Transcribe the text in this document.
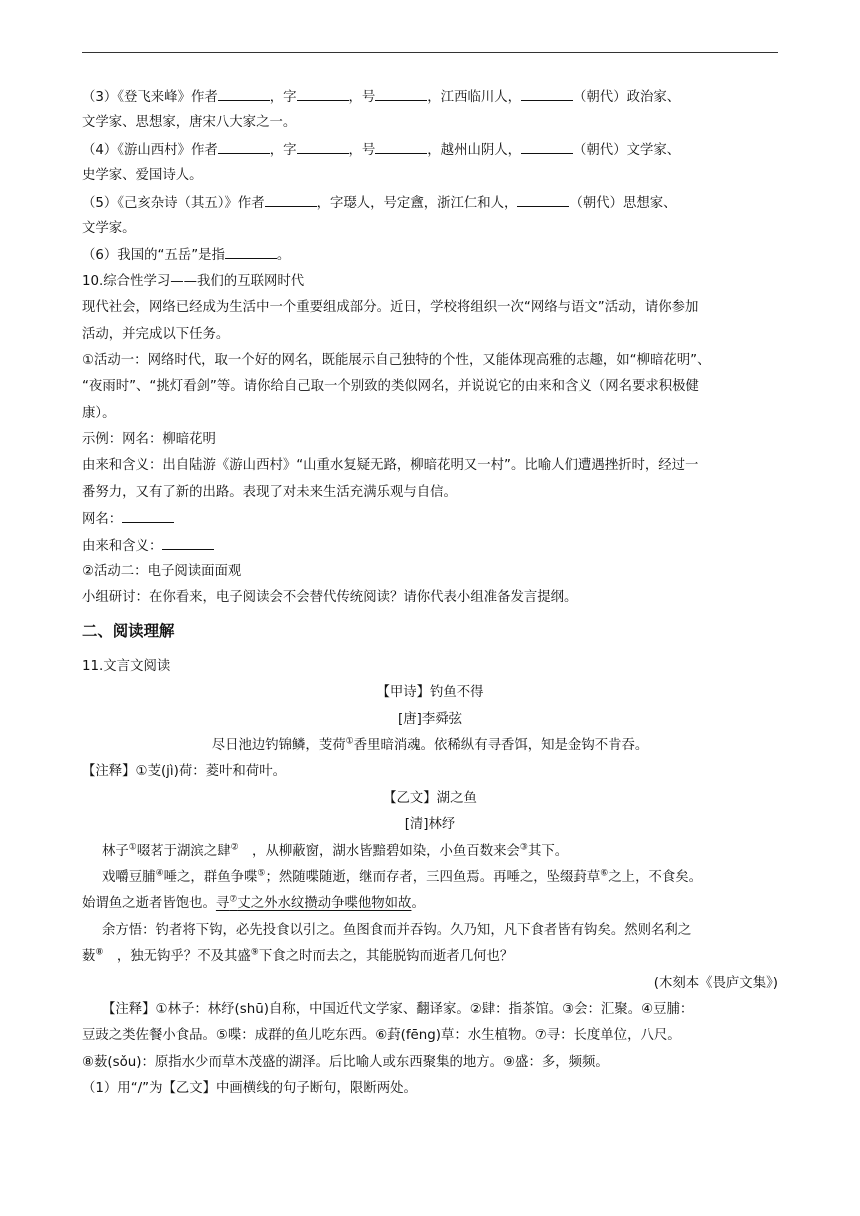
（3）《登飞来峰》作者	，字	，号	，江西临川人，	（朝代）政治家、
文学家、思想家，唐宋八大家之一。
（4）《游山西村》作者	，字	，号	，越州山阴人，	（朝代）文学家、
史学家、爱国诗人。
（5）《己亥杂诗（其五）》作者	，字璱人，号定盦，浙江仁和人，	（朝代）思想家、
文学家。
（6）我国的“五岳”是指	。
10.综合性学习——我们的互联网时代
现代社会，网络已经成为生活中一个重要组成部分。近日，学校将组织一次“网络与语文”活动，请你参加
活动，并完成以下任务。
①活动一：网络时代，取一个好的网名，既能展示自己独特的个性，又能体现高雅的志趣，如“柳暗花明”、
“夜雨时”、“挑灯看剑”等。请你给自己取一个别致的类似网名，并说说它的由来和含义（网名要求积极健
康）。
示例：网名：柳暗花明
由来和含义：出自陆游《游山西村》“山重水复疑无路，柳暗花明又一村”。比喻人们遭遇挫折时，经过一
番努力，又有了新的出路。表现了对未来生活充满乐观与自信。
网名：
由来和含义：
②活动二：电子阅读面面观
小组研讨：在你看来，电子阅读会不会替代传统阅读？请你代表小组准备发言提纲。
二、阅读理解
11.文言文阅读
【甲诗】钓鱼不得
[唐]李舜弦
尽日池边钓锦鳞，芰荷①香里暗消魂。依稀纵有寻香饵，知是金钩不肯吞。
【注释】①芰(jì)荷：菱叶和荷叶。
【乙文】湖之鱼
[清]林纾
林子①啜茗于湖滨之肆②　，从柳蔽窗，湖水皆黯碧如染，小鱼百数来会③其下。
戏嚼豆脯④唾之，群鱼争喋⑤；然随喋随逝，继而存者，三四鱼焉。再唾之，坠缀葑草⑥之上，不食矣。
始谓鱼之逝者皆饱也。寻⑦丈之外水纹攒动争喋他物如故。
余方悟：钓者将下钩，必先投食以引之。鱼图食而并吞钩。久乃知，凡下食者皆有钩矣。然则名利之
薮⑧　，独无钩乎？不及其盛⑨下食之时而去之，其能脱钩而逝者几何也？
(木刻本《畏庐文集》)
【注释】①林子：林纾(shū)自称，中国近代文学家、翻译家。②肆：指茶馆。③会：汇聚。④豆脯：
豆豉之类佐餐小食品。⑤喋：成群的鱼儿吃东西。⑥葑(fēng)草：水生植物。⑦寻：长度单位，八尺。
⑧薮(sǒu)：原指水少而草木茂盛的湖泽。后比喻人或东西聚集的地方。⑨盛：多，频频。
（1）用“/”为【乙文】中画横线的句子断句，限断两处。
